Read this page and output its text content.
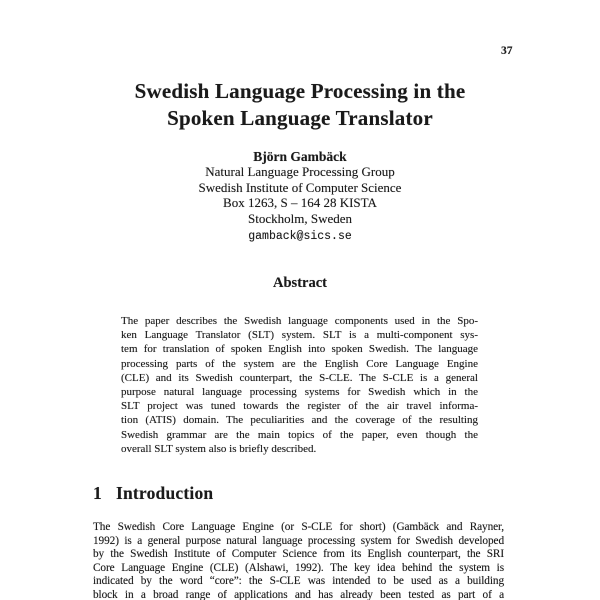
37
Swedish Language Processing in the
Spoken Language Translator
Björn Gambäck
Natural Language Processing Group
Swedish Institute of Computer Science
Box 1263, S – 164 28 KISTA
Stockholm, Sweden
gamback@sics.se
Abstract
The paper describes the Swedish language components used in the Spo-
ken Language Translator (SLT) system. SLT is a multi-component sys-
tem for translation of spoken English into spoken Swedish. The language
processing parts of the system are the English Core Language Engine
(CLE) and its Swedish counterpart, the S-CLE. The S-CLE is a general
purpose natural language processing systems for Swedish which in the
SLT project was tuned towards the register of the air travel informa-
tion (ATIS) domain. The peculiarities and the coverage of the resulting
Swedish grammar are the main topics of the paper, even though the
overall SLT system also is briefly described.
1 Introduction
The Swedish Core Language Engine (or S-CLE for short) (Gambäck and Rayner,
1992) is a general purpose natural language processing system for Swedish developed
by the Swedish Institute of Computer Science from its English counterpart, the SRI
Core Language Engine (CLE) (Alshawi, 1992). The key idea behind the system is
indicated by the word “core”: the S-CLE was intended to be used as a building
block in a broad range of applications and has already been tested as part of a
